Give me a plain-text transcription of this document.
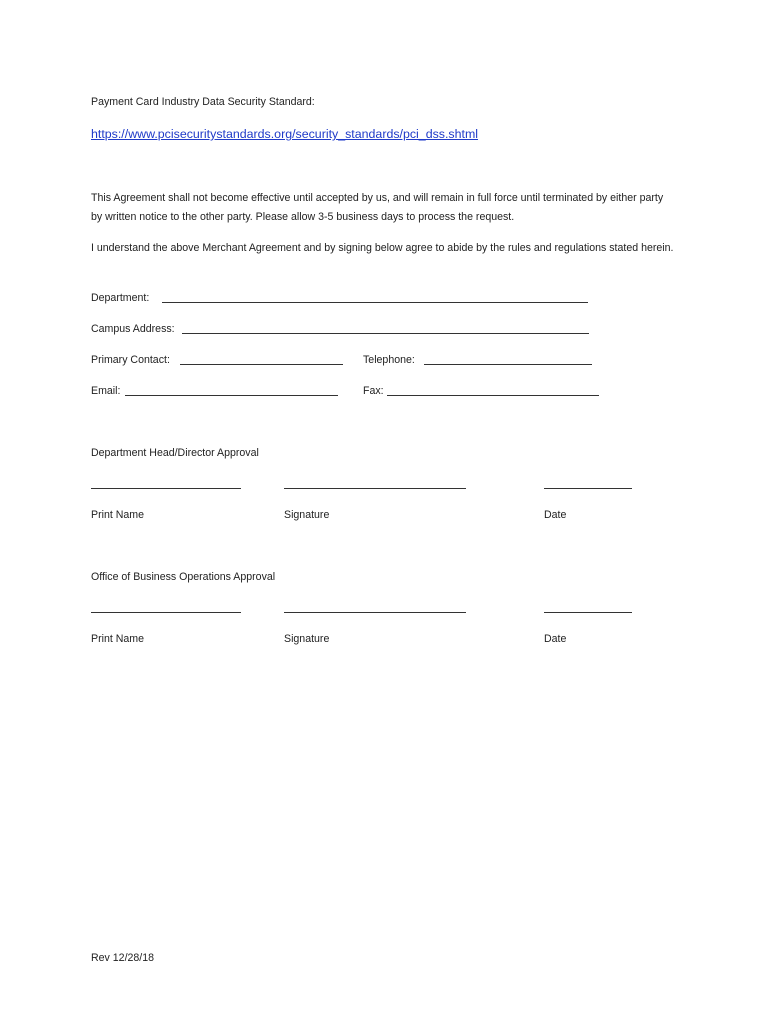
Payment Card Industry Data Security Standard:
https://www.pcisecuritystandards.org/security_standards/pci_dss.shtml
This Agreement shall not become effective until accepted by us, and will remain in full force until terminated by either party by written notice to the other party. Please allow 3-5 business days to process the request.
I understand the above Merchant Agreement and by signing below agree to abide by the rules and regulations stated herein.
Department:
Campus Address:
Primary Contact:	Telephone:
Email:	Fax:
Department Head/Director Approval
Print Name	Signature	Date
Office of Business Operations Approval
Print Name	Signature	Date
Rev 12/28/18
